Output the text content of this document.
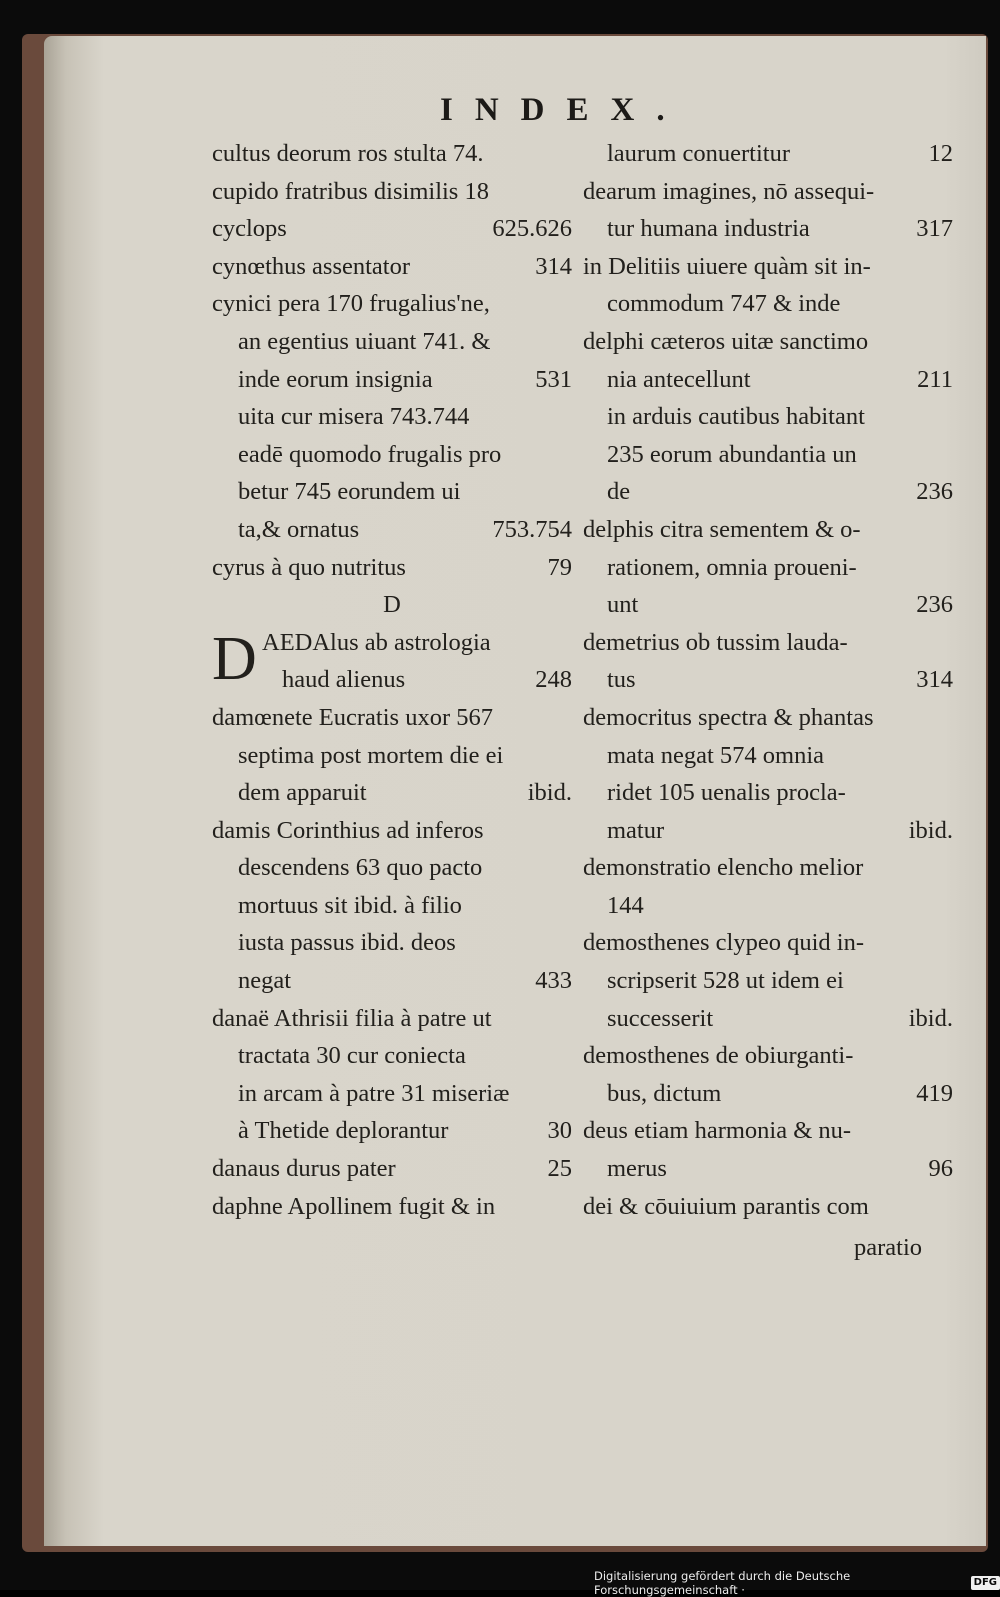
INDEX.
cultus deorum ros stulta 74.
cupido fratribus disimilis 18
cyclops	625.626
cynœthus assentator	314
cynici pera 170 frugalius'ne,
an egentius uiuant 741. &
inde eorum insignia	531
uita cur misera 743.744
eadē quomodo frugalis pro
betur 745 eorundem ui
ta,& ornatus	753.754
cyrus à quo nutritus	79
D
D AEDAlus ab astrologia
haud alienus	248
damœnete Eucratis uxor 567
septima post mortem die ei
dem apparuit	ibid.
damis Corinthius ad inferos
descendens 63 quo pacto
mortuus sit ibid. à filio
iusta passus ibid. deos
negat	433
danaë Athrisii filia à patre ut
tractata 30 cur coniecta
in arcam à patre 31 miseriæ
à Thetide deplorantur	30
danaus durus pater	25
daphne Apollinem fugit & in
laurum conuertitur	12
dearum imagines, nō assequi-
tur humana industria	317
in Delitiis uiuere quàm sit in-
commodum 747 & inde
delphi cæteros uitæ sanctimo
nia antecellunt	211
in arduis cautibus habitant
235 eorum abundantia un
de	236
delphis citra sementem & o-
rationem, omnia proueni-
unt	236
demetrius ob tussim lauda-
tus	314
democritus spectra & phantas
mata negat 574 omnia
ridet 105 uenalis procla-
matur	ibid.
demonstratio elencho melior
144
demosthenes clypeo quid in-
scripserit 528 ut idem ei
successerit	ibid.
demosthenes de obiurganti-
bus, dictum	419
deus etiam harmonia & nu-
merus	96
dei & cōuiuium parantis com
paratio
Digitalisierung gefördert durch die Deutsche Forschungsgemeinschaft ·
DFG
